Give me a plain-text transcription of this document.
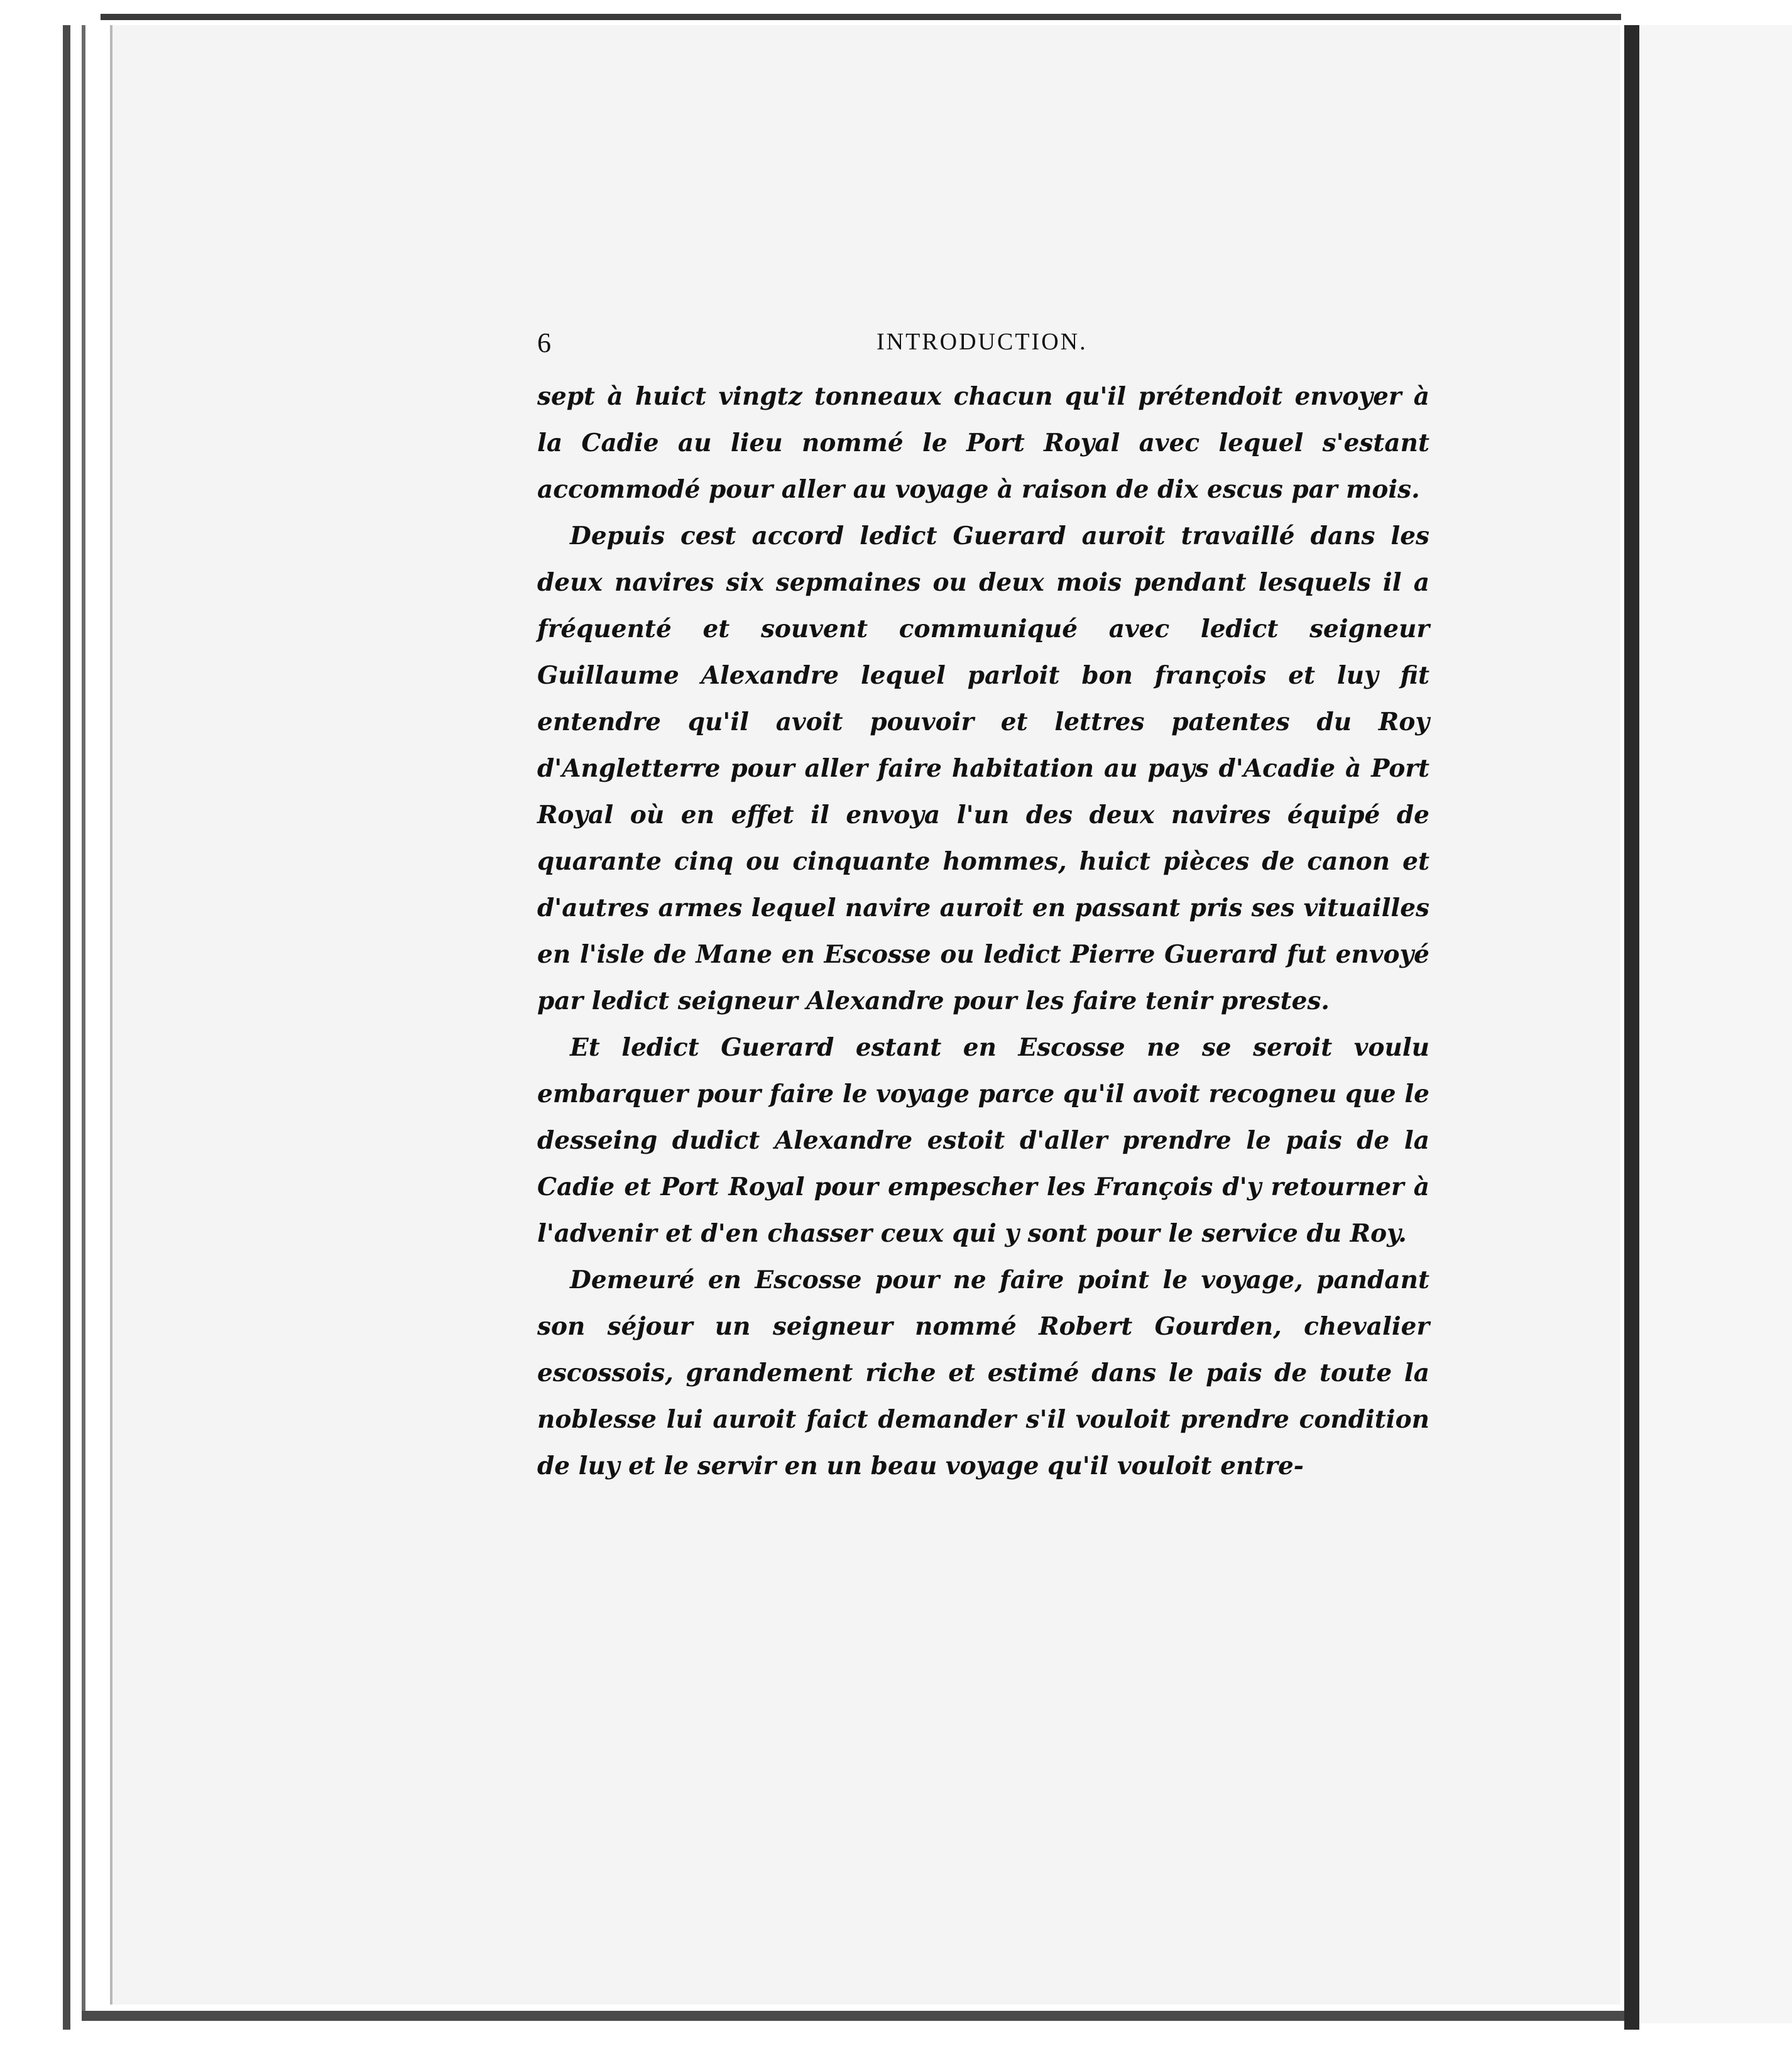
6	INTRODUCTION.

sept à huict vingtz tonneaux chacun qu'il prétendoit envoyer à la Cadie au lieu nommé le Port Royal avec lequel s'estant accommodé pour aller au voyage à raison de dix escus par mois.

Depuis cest accord ledict Guerard auroit travaillé dans les deux navires six sepmaines ou deux mois pendant lesquels il a fréquenté et souvent communiqué avec ledict seigneur Guillaume Alexandre lequel parloit bon françois et luy fit entendre qu'il avoit pouvoir et lettres patentes du Roy d'Angletterre pour aller faire habitation au pays d'Acadie à Port Royal où en effet il envoya l'un des deux navires équipé de quarante cinq ou cinquante hommes, huict pièces de canon et d'autres armes lequel navire auroit en passant pris ses vituailles en l'isle de Mane en Escosse ou ledict Pierre Guerard fut envoyé par ledict seigneur Alexandre pour les faire tenir prestes.

Et ledict Guerard estant en Escosse ne se seroit voulu embarquer pour faire le voyage parce qu'il avoit recogneu que le desseing dudict Alexandre estoit d'aller prendre le pais de la Cadie et Port Royal pour empescher les François d'y retourner à l'advenir et d'en chasser ceux qui y sont pour le service du Roy.

Demeuré en Escosse pour ne faire point le voyage, pandant son séjour un seigneur nommé Robert Gourden, chevalier escossois, grandement riche et estimé dans le pais de toute la noblesse lui auroit faict demander s'il vouloit prendre condition de luy et le servir en un beau voyage qu'il vouloit entre-
